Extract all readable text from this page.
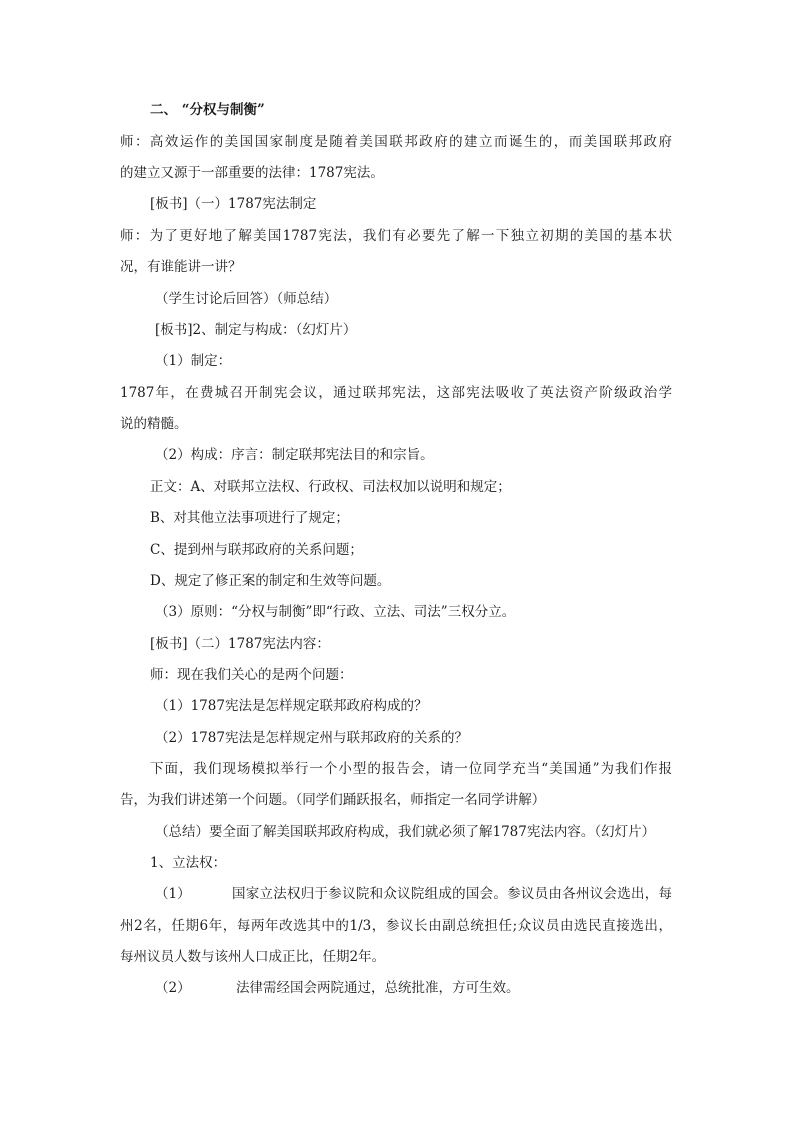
二、 “分权与制衡”
师：高效运作的美国国家制度是随着美国联邦政府的建立而诞生的，而美国联邦政府
的建立又源于一部重要的法律：1787宪法。
[板书]（一）1787宪法制定
师：为了更好地了解美国1787宪法，我们有必要先了解一下独立初期的美国的基本状
况，有谁能讲一讲？
（学生讨论后回答）（师总结）
[板书]2、制定与构成：（幻灯片）
（1）制定：
1787年，在费城召开制宪会议，通过联邦宪法，这部宪法吸收了英法资产阶级政治学
说的精髓。
（2）构成：序言：制定联邦宪法目的和宗旨。
正文：A、对联邦立法权、行政权、司法权加以说明和规定；
B、对其他立法事项进行了规定；
C、提到州与联邦政府的关系问题；
D、规定了修正案的制定和生效等问题。
（3）原则：“分权与制衡”即“行政、立法、司法”三权分立。
[板书]（二）1787宪法内容：
师：现在我们关心的是两个问题：
（1）1787宪法是怎样规定联邦政府构成的？
（2）1787宪法是怎样规定州与联邦政府的关系的？
下面，我们现场模拟举行一个小型的报告会，请一位同学充当“美国通”为我们作报
告，为我们讲述第一个问题。（同学们踊跃报名，师指定一名同学讲解）
（总结）要全面了解美国联邦政府构成，我们就必须了解1787宪法内容。（幻灯片）
1、立法权：
（1）	国家立法权归于参议院和众议院组成的国会。参议员由各州议会选出，每
州2名，任期6年，每两年改选其中的1/3，参议长由副总统担任;众议员由选民直接选出，
每州议员人数与该州人口成正比，任期2年。
（2）	法律需经国会两院通过，总统批准，方可生效。
